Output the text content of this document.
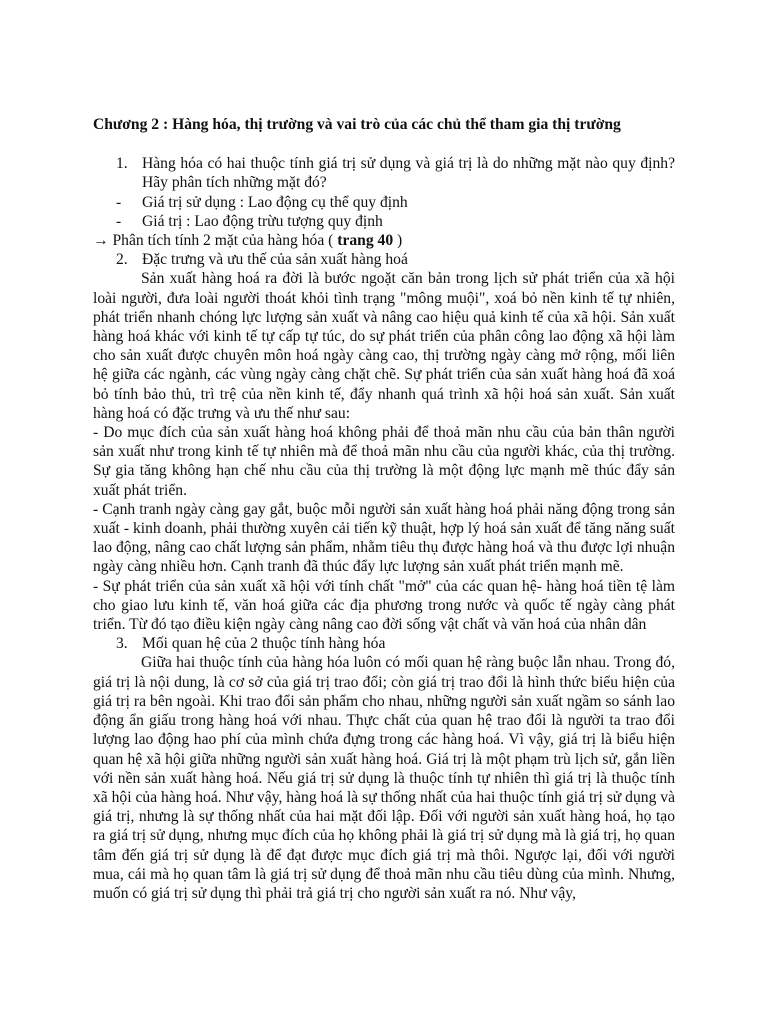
Chương 2 : Hàng hóa, thị trường và vai trò của các chủ thể tham gia thị trường
1. Hàng hóa có hai thuộc tính giá trị sử dụng và giá trị là do những mặt nào quy định? Hãy phân tích những mặt đó?
-	Giá trị sử dụng : Lao động cụ thể quy định
-	Giá trị : Lao động trừu tượng quy định
→ Phân tích tính 2 mặt của hàng hóa ( trang 40 )
2. Đặc trưng và ưu thế của sản xuất hàng hoá

Sản xuất hàng hoá ra đời là bước ngoặt căn bản trong lịch sử phát triển của xã hội loài người, đưa loài người thoát khỏi tình trạng "mông muội", xoá bỏ nền kinh tế tự nhiên, phát triển nhanh chóng lực lượng sản xuất và nâng cao hiệu quả kinh tế của xã hội. Sản xuất hàng hoá khác với kinh tế tự cấp tự túc, do sự phát triển của phân công lao động xã hội làm cho sản xuất được chuyên môn hoá ngày càng cao, thị trường ngày càng mở rộng, mối liên hệ giữa các ngành, các vùng ngày càng chặt chẽ. Sự phát triển của sản xuất hàng hoá đã xoá bỏ tính bảo thủ, trì trệ của nền kinh tế, đẩy nhanh quá trình xã hội hoá sản xuất. Sản xuất hàng hoá có đặc trưng và ưu thế như sau:

- Do mục đích của sản xuất hàng hoá không phải để thoả mãn nhu cầu của bản thân người sản xuất như trong kinh tế tự nhiên mà để thoả mãn nhu cầu của người khác, của thị trường. Sự gia tăng không hạn chế nhu cầu của thị trường là một động lực mạnh mẽ thúc đẩy sản xuất phát triển.

- Cạnh tranh ngày càng gay gắt, buộc mỗi người sản xuất hàng hoá phải năng động trong sản xuất - kinh doanh, phải thường xuyên cải tiến kỹ thuật, hợp lý hoá sản xuất để tăng năng suất lao động, nâng cao chất lượng sản phẩm, nhằm tiêu thụ được hàng hoá và thu được lợi nhuận ngày càng nhiều hơn. Cạnh tranh đã thúc đẩy lực lượng sản xuất phát triển mạnh mẽ.

- Sự phát triển của sản xuất xã hội với tính chất "mở" của các quan hệ- hàng hoá tiền tệ làm cho giao lưu kinh tế, văn hoá giữa các địa phương trong nước và quốc tế ngày càng phát triển. Từ đó tạo điều kiện ngày càng nâng cao đời sống vật chất và văn hoá của nhân dân

3. Mối quan hệ của 2 thuộc tính hàng hóa

Giữa hai thuộc tính của hàng hóa luôn có mối quan hệ ràng buộc lẫn nhau. Trong đó, giá trị là nội dung, là cơ sở của giá trị trao đổi; còn giá trị trao đổi là hình thức biểu hiện của giá trị ra bên ngoài. Khi trao đổi sản phẩm cho nhau, những người sản xuất ngầm so sánh lao động ẩn giấu trong hàng hoá với nhau. Thực chất của quan hệ trao đổi là người ta trao đổi lượng lao động hao phí của mình chứa đựng trong các hàng hoá. Vì vậy, giá trị là biểu hiện quan hệ xã hội giữa những người sản xuất hàng hoá. Giá trị là một phạm trù lịch sử, gắn liền với nền sản xuất hàng hoá. Nếu giá trị sử dụng là thuộc tính tự nhiên thì giá trị là thuộc tính xã hội của hàng hoá. Như vậy, hàng hoá là sự thống nhất của hai thuộc tính giá trị sử dụng và giá trị, nhưng là sự thống nhất của hai mặt đối lập. Đối với người sản xuất hàng hoá, họ tạo ra giá trị sử dụng, nhưng mục đích của họ không phải là giá trị sử dụng mà là giá trị, họ quan tâm đến giá trị sử dụng là để đạt được mục đích giá trị mà thôi. Ngược lại, đối với người mua, cái mà họ quan tâm là giá trị sử dụng để thoả mãn nhu cầu tiêu dùng của mình. Nhưng, muốn có giá trị sử dụng thì phải trả giá trị cho người sản xuất ra nó. Như vậy,
